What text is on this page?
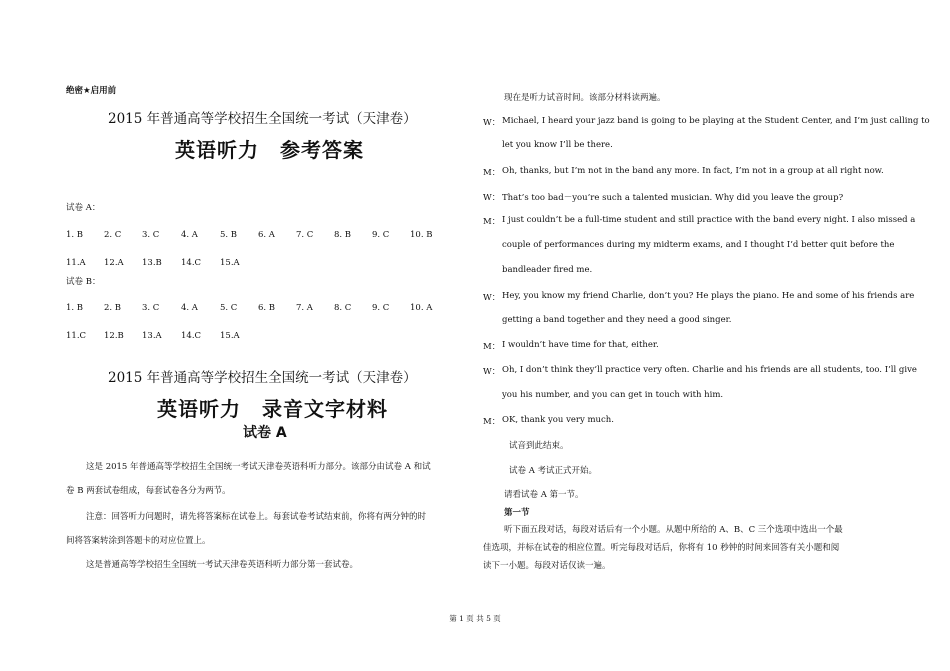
绝密★启用前
2015 年普通高等学校招生全国统一考试（天津卷）
英语听力　参考答案
试卷 A：
1. B 2. C 3. C	4. A	5. B 6. A 7. C 8. B 9. C 10. B
11.A 12.A 13.B 14.C 15.A
试卷 B：
1. B 2. B 3. C	4. A	5. C 6. B 7. A 8. C 9. C 10. A
11.C 12.B 13.A 14.C 15.A
2015 年普通高等学校招生全国统一考试（天津卷）
英语听力　录音文字材料
试卷 A
这是 2015 年普通高等学校招生全国统一考试天津卷英语科听力部分。该部分由试卷 A 和试
卷 B 两套试卷组成，每套试卷各分为两节。
注意：回答听力问题时，请先将答案标在试卷上。每套试卷考试结束前，你将有两分钟的时
间将答案转涂到答题卡的对应位置上。
这是普通高等学校招生全国统一考试天津卷英语科听力部分第一套试卷。
现在是听力试音时间。该部分材料读两遍。
W： Michael, I heard your jazz band is going to be playing at the Student Center, and I’m just calling to
let you know I’ll be there.
M： Oh, thanks, but I’m not in the band any more. In fact, I’m not in a group at all right now.
W： That’s too bad－you’re such a talented musician. Why did you leave the group?
M： I just couldn’t be a full-time student and still practice with the band every night. I also missed a
couple of performances during my midterm exams, and I thought I’d better quit before the
bandleader fired me.
W： Hey, you know my friend Charlie, don’t you? He plays the piano. He and some of his friends are
getting a band together and they need a good singer.
M： I wouldn’t have time for that, either.
W： Oh, I don’t think they’ll practice very often. Charlie and his friends are all students, too. I’ll give
you his number, and you can get in touch with him.
M： OK, thank you very much.
试音到此结束。
试卷 A 考试正式开始。
请看试卷 A 第一节。
第一节
听下面五段对话，每段对话后有一个小题。从题中所给的 A、B、C 三个选项中选出一个最
佳选项，并标在试卷的相应位置。听完每段对话后，你将有 10 秒钟的时间来回答有关小题和阅
读下一小题。每段对话仅读一遍。
第 1 页 共 5 页
